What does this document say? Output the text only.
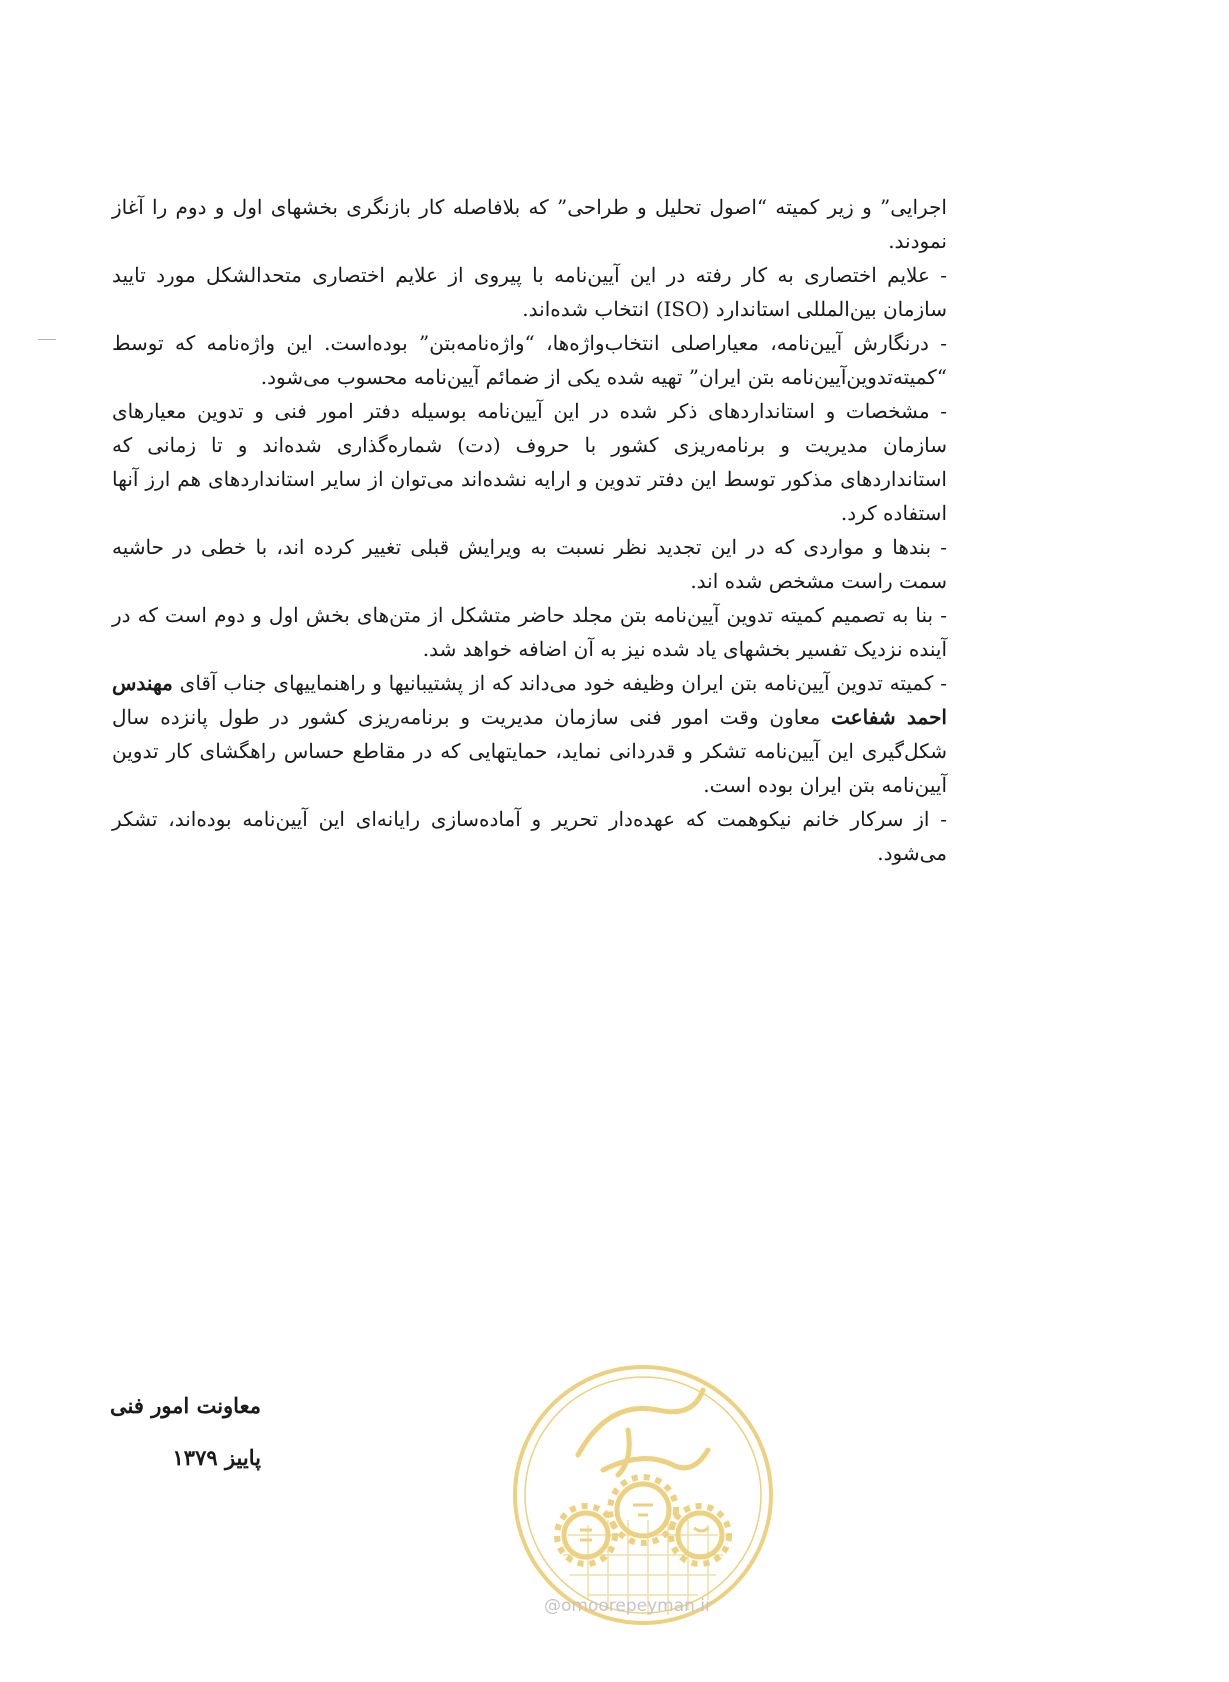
اجرایی” و زیر کمیته “اصول تحلیل و طراحی” که بلافاصله کار بازنگری بخشهای اول و دوم را آغاز نمودند.

- علایم اختصاری به کار رفته در این آیین‌نامه با پیروی از علایم اختصاری متحدالشکل مورد تایید سازمان بین‌المللی استاندارد (ISO) انتخاب شده‌اند.

- درنگارش آیین‌نامه، معیاراصلی انتخاب‌واژه‌ها، “واژه‌نامه‌بتن” بوده‌است. این واژه‌نامه که توسط “کمیته‌تدوین‌آیین‌نامه بتن ایران” تهیه شده یکی از ضمائم آیین‌نامه محسوب می‌شود.

- مشخصات و استانداردهای ذکر شده در این آیین‌نامه بوسیله دفتر امور فنی و تدوین معیارهای سازمان مدیریت و برنامه‌ریزی کشور با حروف (دت) شماره‌گذاری شده‌اند و تا زمانی که استانداردهای مذکور توسط این دفتر تدوین و ارایه نشده‌اند می‌توان از سایر استانداردهای هم ارز آنها استفاده کرد.

- بندها و مواردی که در این تجدید نظر نسبت به ویرایش قبلی تغییر کرده اند، با خطی در حاشیه سمت راست مشخص شده اند.

- بنا به تصمیم کمیته تدوین آیین‌نامه بتن مجلد حاضر متشکل از متن‌های بخش اول و دوم است که در آینده نزدیک تفسیر بخشهای یاد شده نیز به آن اضافه خواهد شد.

- کمیته تدوین آیین‌نامه بتن ایران وظیفه خود می‌داند که از پشتیبانیها و راهنماییهای جناب آقای مهندس احمد شفاعت معاون وقت امور فنی سازمان مدیریت و برنامه‌ریزی کشور در طول پانزده سال شکل‌گیری این آیین‌نامه تشکر و قدردانی نماید، حمایتهایی که در مقاطع حساس راهگشای کار تدوین آیین‌نامه بتن ایران بوده است.

- از سرکار خانم نیکوهمت که عهده‌دار تحریر و آماده‌سازی رایانه‌ای این آیین‌نامه بوده‌اند، تشکر می‌شود.

معاونت امور فنی
پاییز ۱۳۷۹
@omoorepeyman.ir
